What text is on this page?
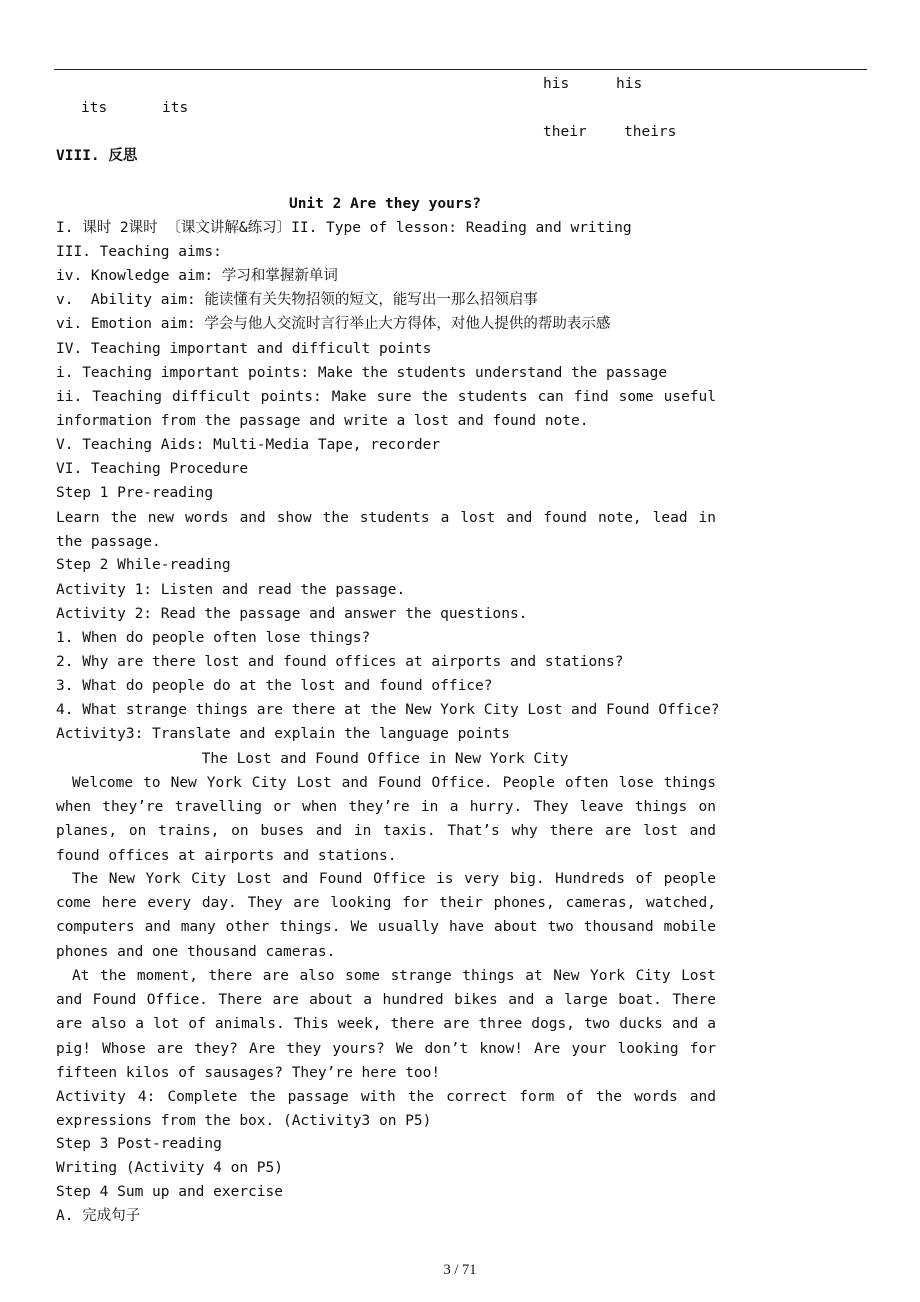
his	his
its	its
their	theirs
VIII. 反思
Unit 2 Are they yours?
I. 课时 2课时 〔课文讲解&练习〕II. Type of lesson: Reading and writing
III. Teaching aims:
iv. Knowledge aim: 学习和掌握新单词
v.  Ability aim: 能读懂有关失物招领的短文，能写出一那么招领启事
vi. Emotion aim: 学会与他人交流时言行举止大方得体，对他人提供的帮助表示感
IV. Teaching important and difficult points
i. Teaching important points: Make the students understand the passage
ii. Teaching difficult points: Make sure the students can find some useful information from the passage and write a lost and found note.
V. Teaching Aids: Multi-Media Tape, recorder
VI. Teaching Procedure
Step 1 Pre-reading
Learn the new words and show the students a lost and found note, lead in the passage.
Step 2 While-reading
Activity 1: Listen and read the passage.
Activity 2: Read the passage and answer the questions.
1. When do people often lose things?
2. Why are there lost and found offices at airports and stations?
3. What do people do at the lost and found office?
4. What strange things are there at the New York City Lost and Found Office?
Activity3: Translate and explain the language points
The Lost and Found Office in New York City
Welcome to New York City Lost and Found Office. People often lose things when they’re travelling or when they’re in a hurry. They leave things on planes, on trains, on buses and in taxis. That’s why there are lost and found offices at airports and stations.
The New York City Lost and Found Office is very big. Hundreds of people come here every day. They are looking for their phones, cameras, watched, computers and many other things. We usually have about two thousand mobile phones and one thousand cameras.
At the moment, there are also some strange things at New York City Lost and Found Office. There are about a hundred bikes and a large boat. There are also a lot of animals. This week, there are three dogs, two ducks and a pig! Whose are they? Are they yours? We don’t know! Are your looking for fifteen kilos of sausages? They’re here too!
Activity 4: Complete the passage with the correct form of the words and expressions from the box. (Activity3 on P5)
Step 3 Post-reading
Writing (Activity 4 on P5)
Step 4 Sum up and exercise
A. 完成句子
3 / 71
